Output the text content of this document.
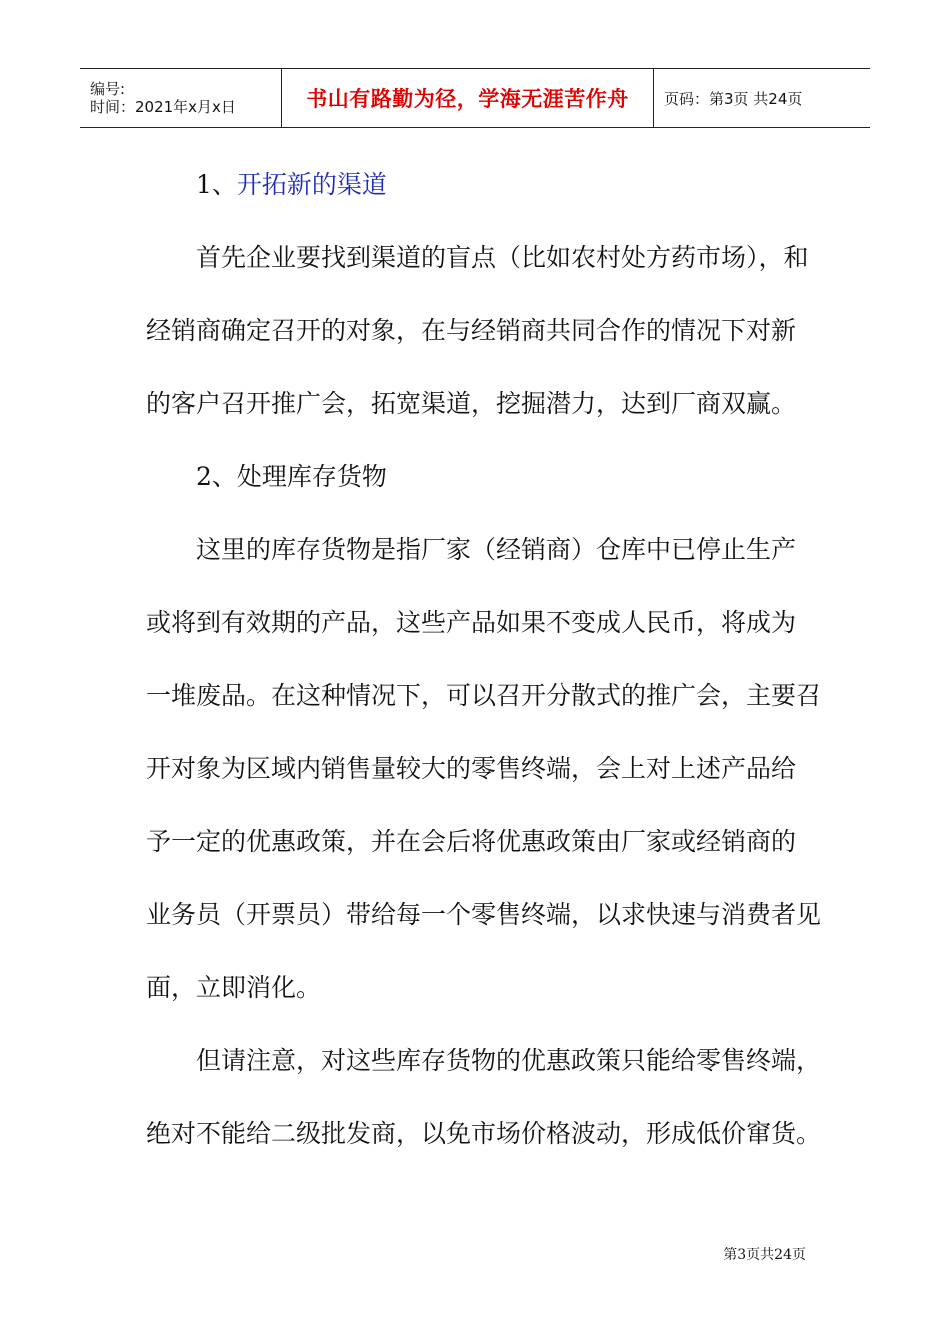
编号:
时间：2021年x月x日	书山有路勤为径，学海无涯苦作舟 页码：第3页 共24页
1、开拓新的渠道
首先企业要找到渠道的盲点（比如农村处方药市场），和
经销商确定召开的对象，在与经销商共同合作的情况下对新
的客户召开推广会，拓宽渠道，挖掘潜力，达到厂商双赢。
2、处理库存货物
这里的库存货物是指厂家（经销商）仓库中已停止生产
或将到有效期的产品，这些产品如果不变成人民币，将成为
一堆废品。在这种情况下，可以召开分散式的推广会，主要召
开对象为区域内销售量较大的零售终端，会上对上述产品给
予一定的优惠政策，并在会后将优惠政策由厂家或经销商的
业务员（开票员）带给每一个零售终端，以求快速与消费者见
面，立即消化。
但请注意，对这些库存货物的优惠政策只能给零售终端，
绝对不能给二级批发商，以免市场价格波动，形成低价窜货。
第3页共24页
